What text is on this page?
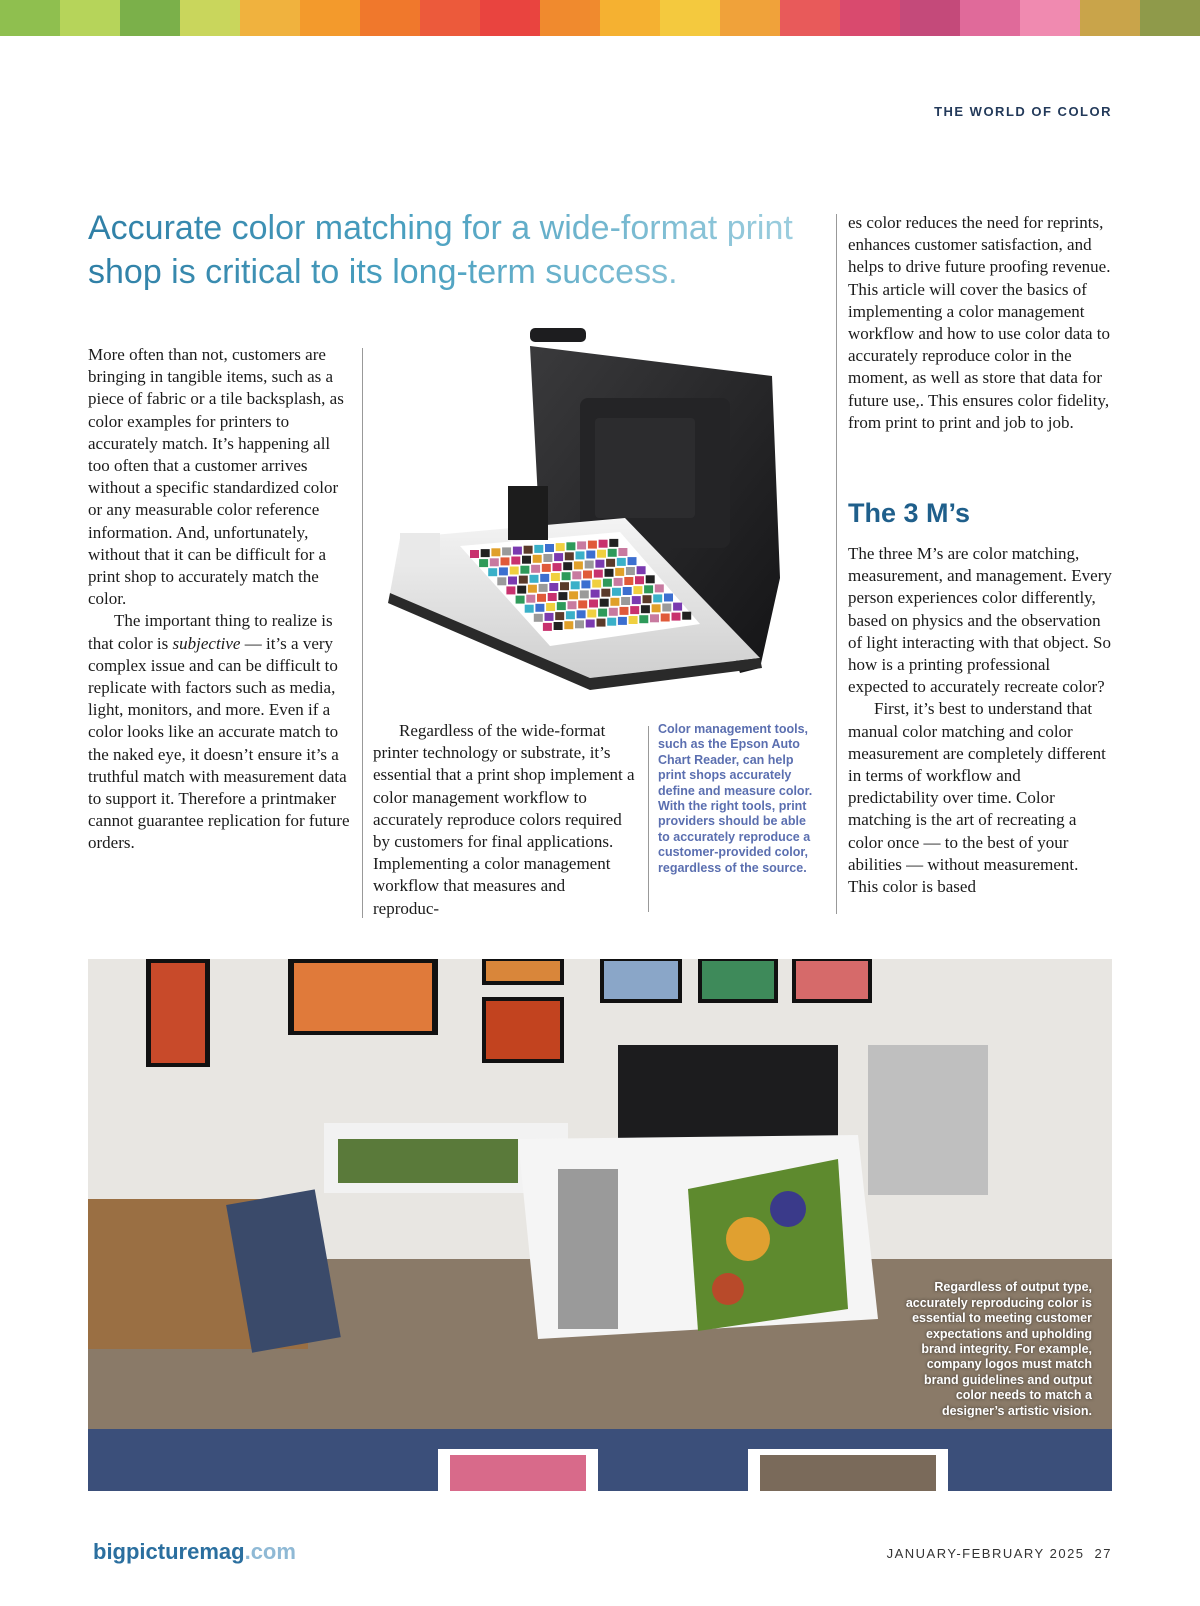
THE WORLD OF COLOR
Accurate color matching for a wide-format print shop is critical to its long-term success.

More often than not, customers are bringing in tangible items, such as a piece of fabric or a tile backsplash, as color examples for printers to accurately match. It’s happening all too often that a customer arrives without a specific standardized color or any measurable color reference information. And, unfortunately, without that it can be difficult for a print shop to accurately match the color.

The important thing to realize is that color is subjective — it’s a very complex issue and can be difficult to replicate with factors such as media, light, monitors, and more. Even if a color looks like an accurate match to the naked eye, it doesn’t ensure it’s a truthful match with measurement data to support it. Therefore a printmaker cannot guarantee replication for future orders.

Regardless of the wide-format printer technology or substrate, it’s essential that a print shop implement a color management workflow to accurately reproduce colors required by customers for final applications. Implementing a color management workflow that measures and reproduc-

Color management tools, such as the Epson Auto Chart Reader, can help print shops accurately define and measure color. With the right tools, print providers should be able to accurately reproduce a customer-provided color, regardless of the source.

es color reduces the need for reprints, enhances customer satisfaction, and helps to drive future proofing revenue. This article will cover the basics of implementing a color management workflow and how to use color data to accurately reproduce color in the moment, as well as store that data for future use,. This ensures color fidelity, from print to print and job to job.

The 3 M’s

The three M’s are color matching, measurement, and management. Every person experiences color differently, based on physics and the observation of light interacting with that object. So how is a printing professional expected to accurately recreate color?

First, it’s best to understand that manual color matching and color measurement are completely different in terms of workflow and predictability over time. Color matching is the art of recreating a color once — to the best of your abilities — without measurement. This color is based

Regardless of output type, accurately reproducing color is essential to meeting customer expectations and upholding brand integrity. For example, company logos must match brand guidelines and output color needs to match a designer’s artistic vision.
bigpicturemag.com	JANUARY-FEBRUARY 2025 27
